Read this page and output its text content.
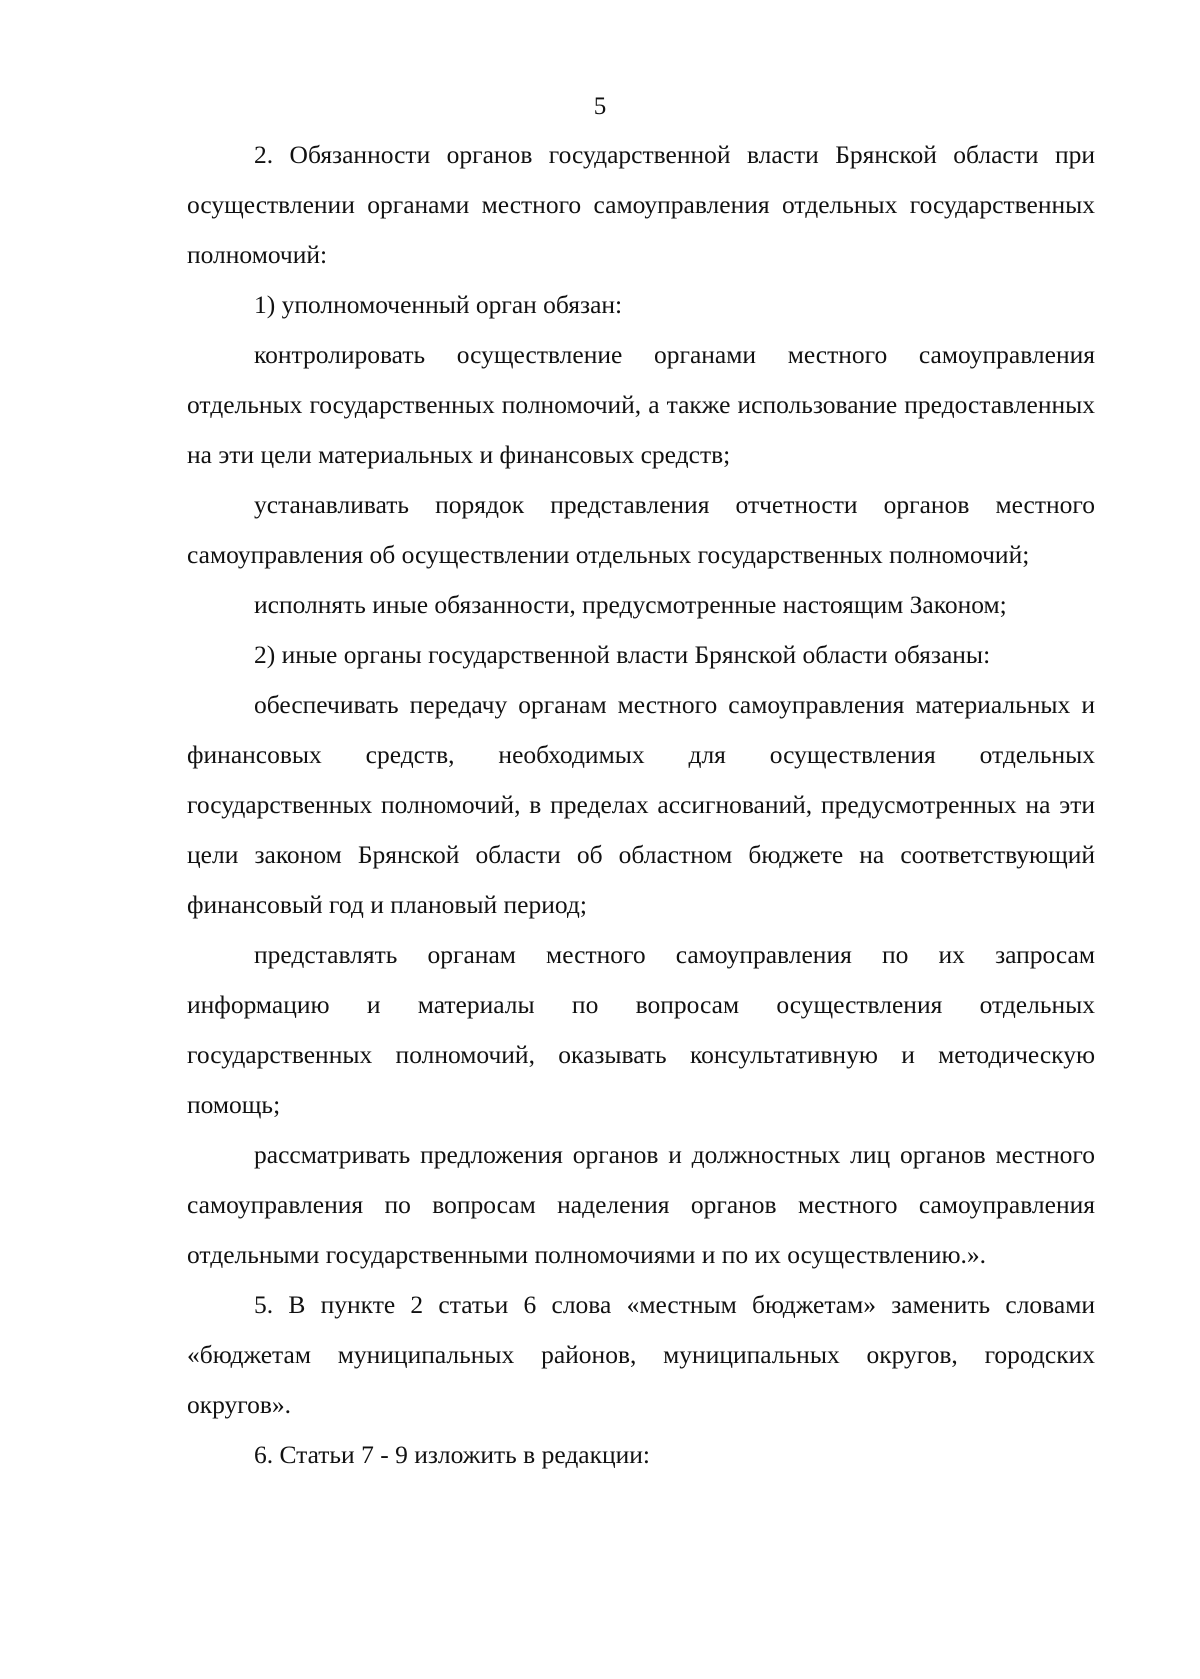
5

2. Обязанности органов государственной власти Брянской области при осуществлении органами местного самоуправления отдельных государственных полномочий:

1) уполномоченный орган обязан:

контролировать осуществление органами местного самоуправления отдельных государственных полномочий, а также использование предоставленных на эти цели материальных и финансовых средств;

устанавливать порядок представления отчетности органов местного самоуправления об осуществлении отдельных государственных полномочий;

исполнять иные обязанности, предусмотренные настоящим Законом;

2) иные органы государственной власти Брянской области обязаны:

обеспечивать передачу органам местного самоуправления материальных и финансовых средств, необходимых для осуществления отдельных государственных полномочий, в пределах ассигнований, предусмотренных на эти цели законом Брянской области об областном бюджете на соответствующий финансовый год и плановый период;

представлять органам местного самоуправления по их запросам информацию и материалы по вопросам осуществления отдельных государственных полномочий, оказывать консультативную и методическую помощь;

рассматривать предложения органов и должностных лиц органов местного самоуправления по вопросам наделения органов местного самоуправления отдельными государственными полномочиями и по их осуществлению.».

5. В пункте 2 статьи 6 слова «местным бюджетам» заменить словами «бюджетам муниципальных районов, муниципальных округов, городских округов».

6. Статьи 7 - 9 изложить в редакции:
